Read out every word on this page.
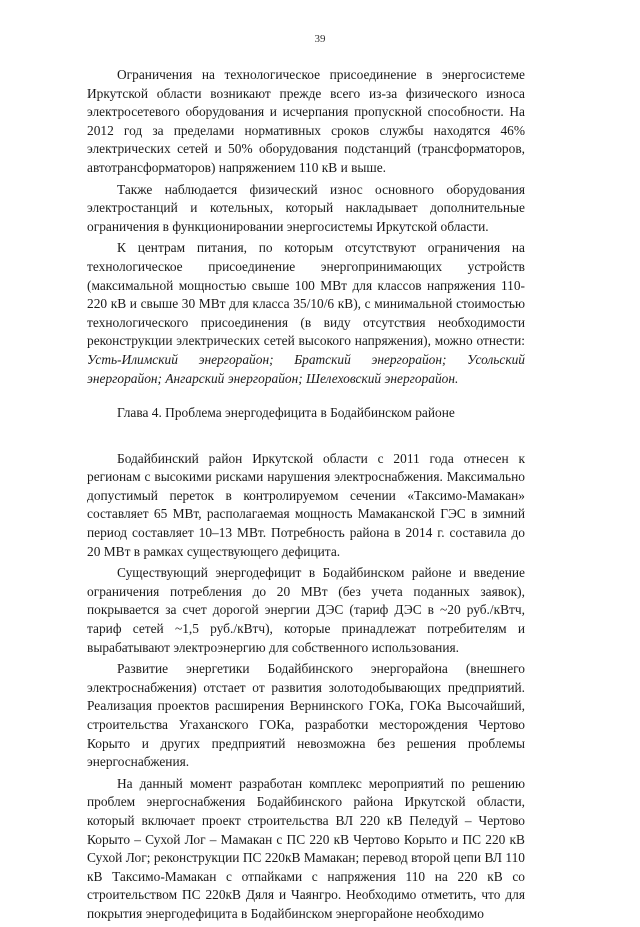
39

Ограничения на технологическое присоединение в энергосистеме Иркутской области возникают прежде всего из-за физического износа электросетевого оборудования и исчерпания пропускной способности. На 2012 год за пределами нормативных сроков службы находятся 46% электрических сетей и 50% оборудования подстанций (трансформаторов, автотрансформаторов) напряжением 110 кВ и выше.

Также наблюдается физический износ основного оборудования электростанций и котельных, который накладывает дополнительные ограничения в функционировании энергосистемы Иркутской области.

К центрам питания, по которым отсутствуют ограничения на технологическое присоединение энергопринимающих устройств (максимальной мощностью свыше 100 МВт для классов напряжения 110-220 кВ и свыше 30 МВт для класса 35/10/6 кВ), с минимальной стоимостью технологического присоединения (в виду отсутствия необходимости реконструкции электрических сетей высокого напряжения), можно отнести: Усть-Илимский энергорайон; Братский энергорайон; Усольский энергорайон; Ангарский энергорайон; Шелеховский энергорайон.

Глава 4. Проблема энергодефицита в Бодайбинском районе

Бодайбинский район Иркутской области с 2011 года отнесен к регионам с высокими рисками нарушения электроснабжения. Максимально допустимый переток в контролируемом сечении «Таксимо-Мамакан» составляет 65 МВт, располагаемая мощность Мамаканской ГЭС в зимний период составляет 10–13 МВт. Потребность района в 2014 г. составила до 20 МВт в рамках существующего дефицита.

Существующий энергодефицит в Бодайбинском районе и введение ограничения потребления до 20 МВт (без учета поданных заявок), покрывается за счет дорогой энергии ДЭС (тариф ДЭС в ~20 руб./кВтч, тариф сетей ~1,5 руб./кВтч), которые принадлежат потребителям и вырабатывают электроэнергию для собственного использования.

Развитие энергетики Бодайбинского энергорайона (внешнего электроснабжения) отстает от развития золотодобывающих предприятий. Реализация проектов расширения Вернинского ГОКа, ГОКа Высочайший, строительства Угаханского ГОКа, разработки месторождения Чертово Корыто и других предприятий невозможна без решения проблемы энергоснабжения.

На данный момент разработан комплекс мероприятий по решению проблем энергоснабжения Бодайбинского района Иркутской области, который включает проект строительства ВЛ 220 кВ Пеледуй – Чертово Корыто – Сухой Лог – Мамакан с ПС 220 кВ Чертово Корыто и ПС 220 кВ Сухой Лог; реконструкции ПС 220кВ Мамакан; перевод второй цепи ВЛ 110 кВ Таксимо-Мамакан с отпайками с напряжения 110 на 220 кВ со строительством ПС 220кВ Дяля и Чаянгро. Необходимо отметить, что для покрытия энергодефицита в Бодайбинском энергорайоне необходимо
